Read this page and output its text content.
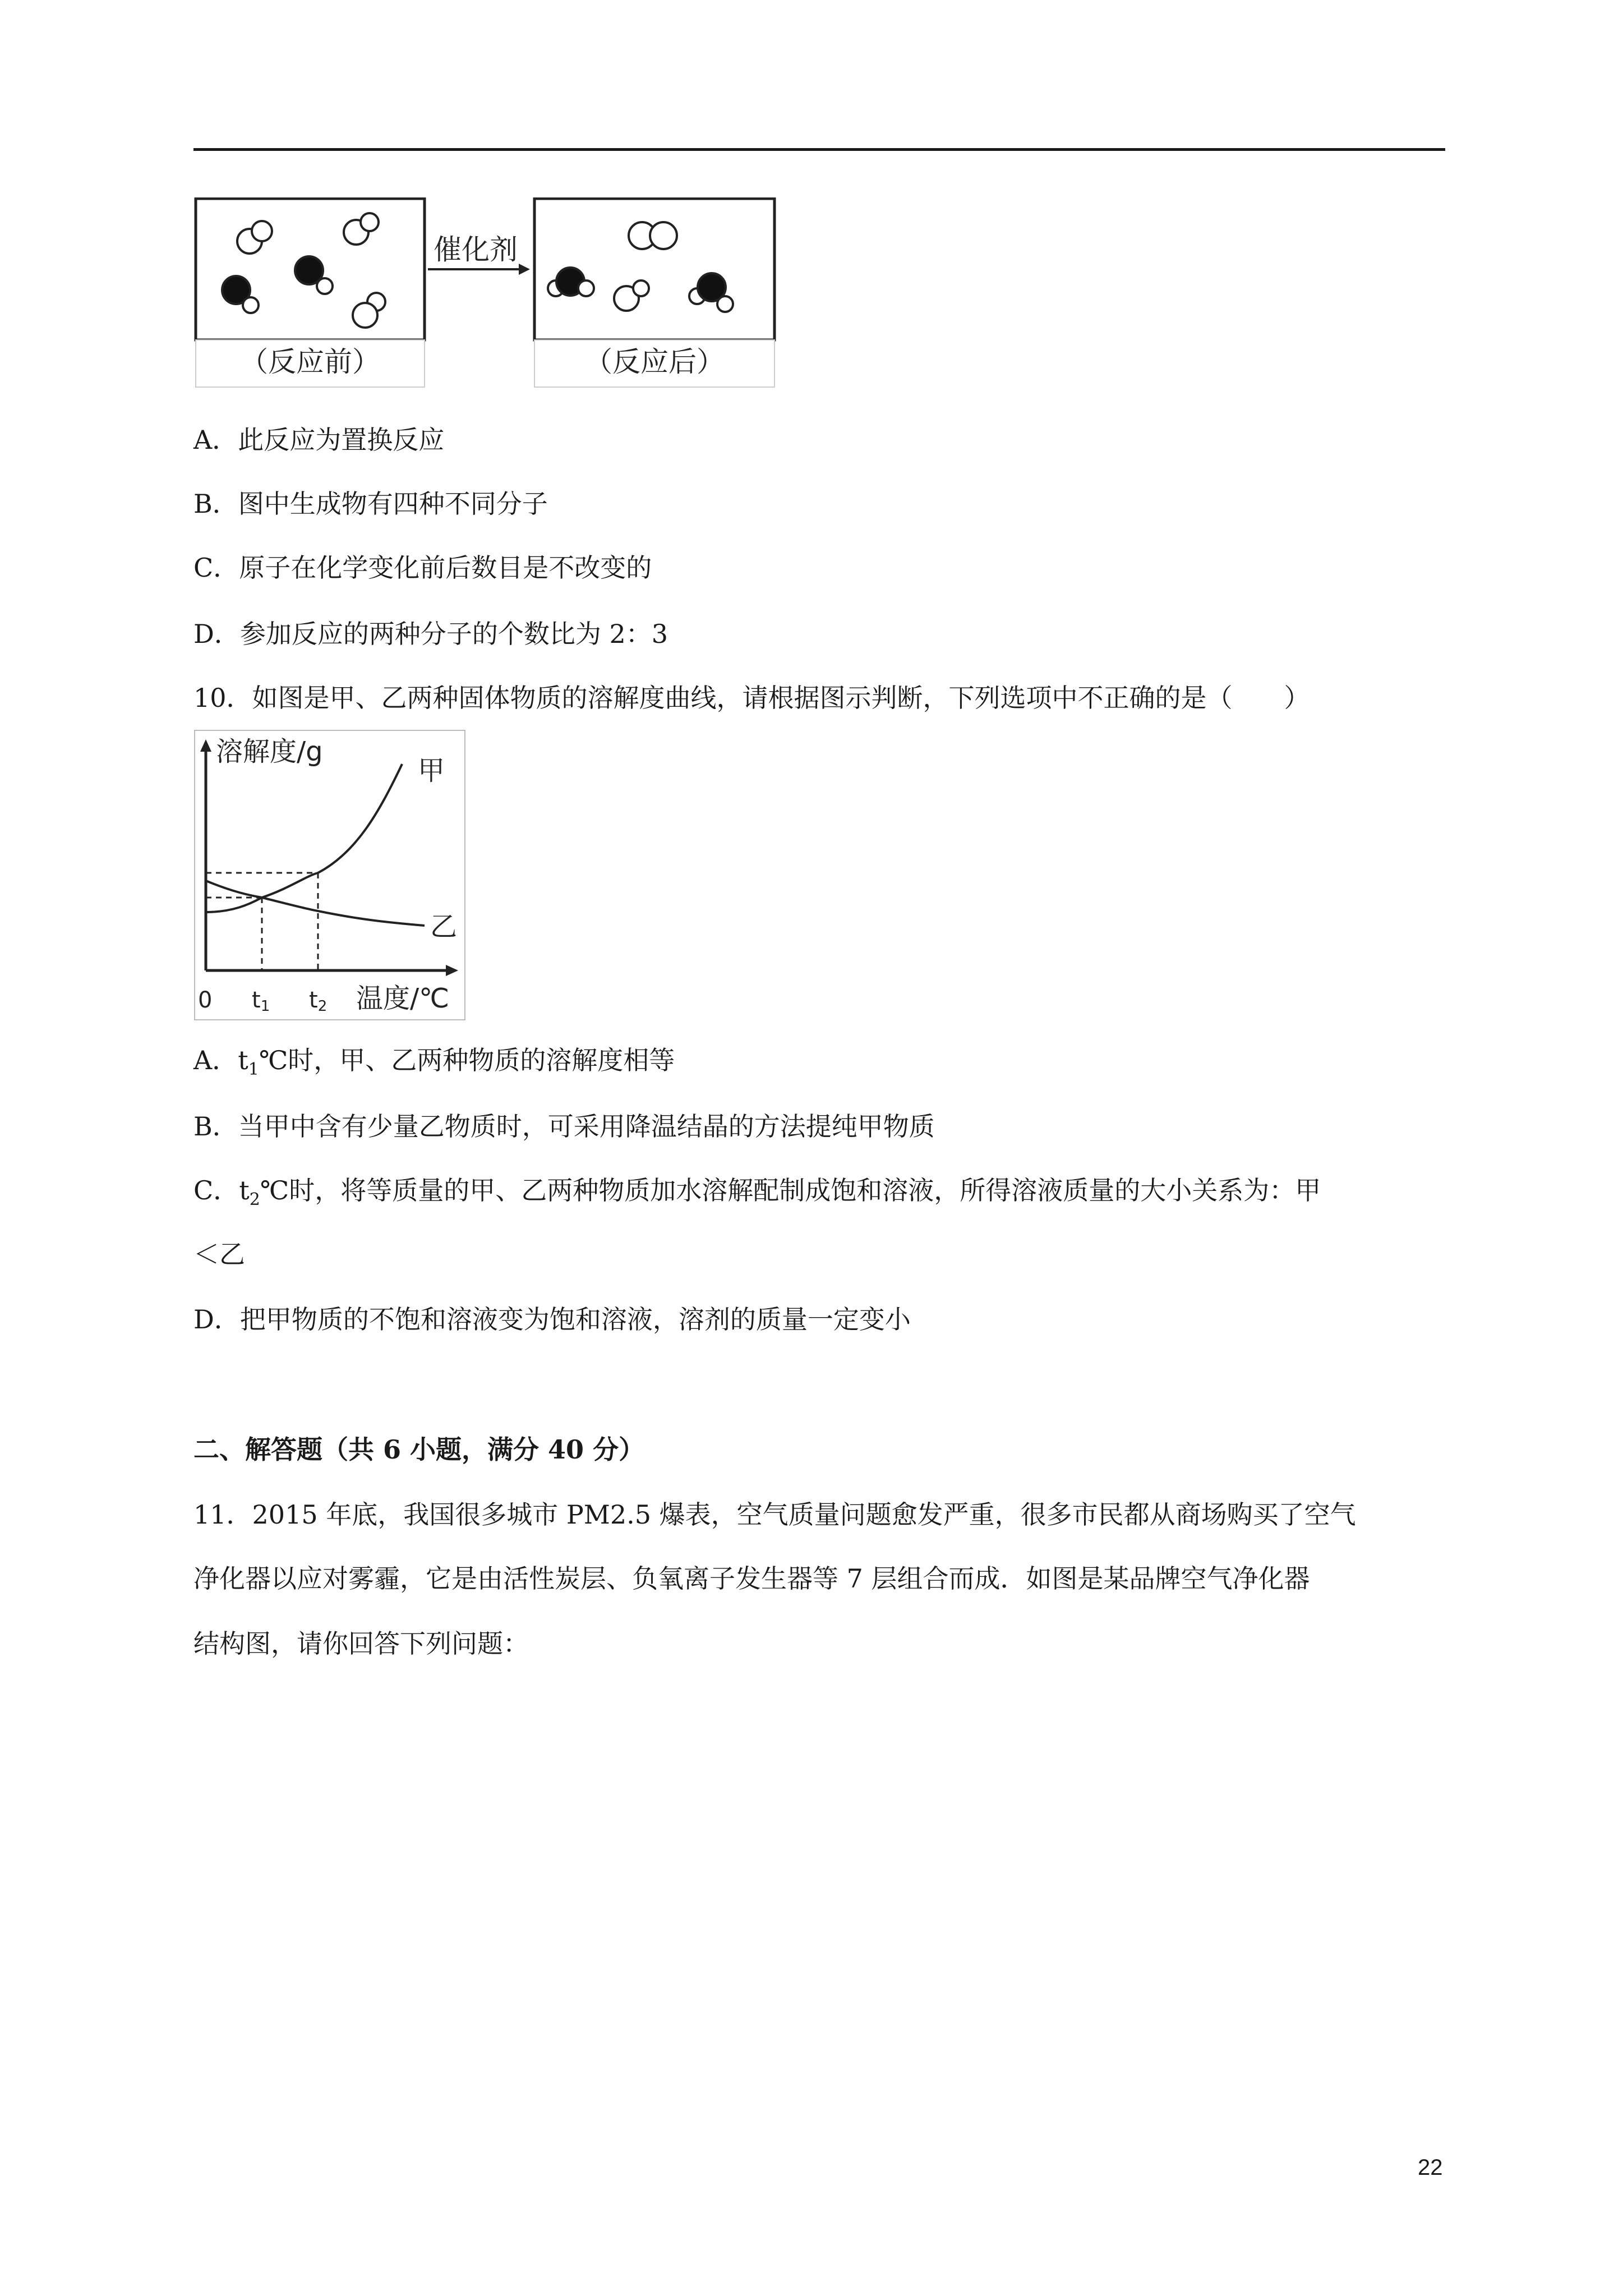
（反应前）
催化剂
（反应后）
A．此反应为置换反应
B．图中生成物有四种不同分子
C．原子在化学变化前后数目是不改变的
D．参加反应的两种分子的个数比为 2：3
10．如图是甲、乙两种固体物质的溶解度曲线，请根据图示判断，下列选项中不正确的是（　　）
溶解度/g
甲
乙
0 t1 t2 温度/℃
A．$t_1℃$时，甲、乙两种物质的溶解度相等
B．当甲中含有少量乙物质时，可采用降温结晶的方法提纯甲物质
C．$t_2℃$时，将等质量的甲、乙两种物质加水溶解配制成饱和溶液，所得溶液质量的大小关系为：甲
＜乙
D．把甲物质的不饱和溶液变为饱和溶液，溶剂的质量一定变小
二、解答题（共 6 小题，满分 40 分）
11．2015 年底，我国很多城市 PM2.5 爆表，空气质量问题愈发严重，很多市民都从商场购买了空气
净化器以应对雾霾，它是由活性炭层、负氧离子发生器等 7 层组合而成．如图是某品牌空气净化器
结构图，请你回答下列问题：
22
